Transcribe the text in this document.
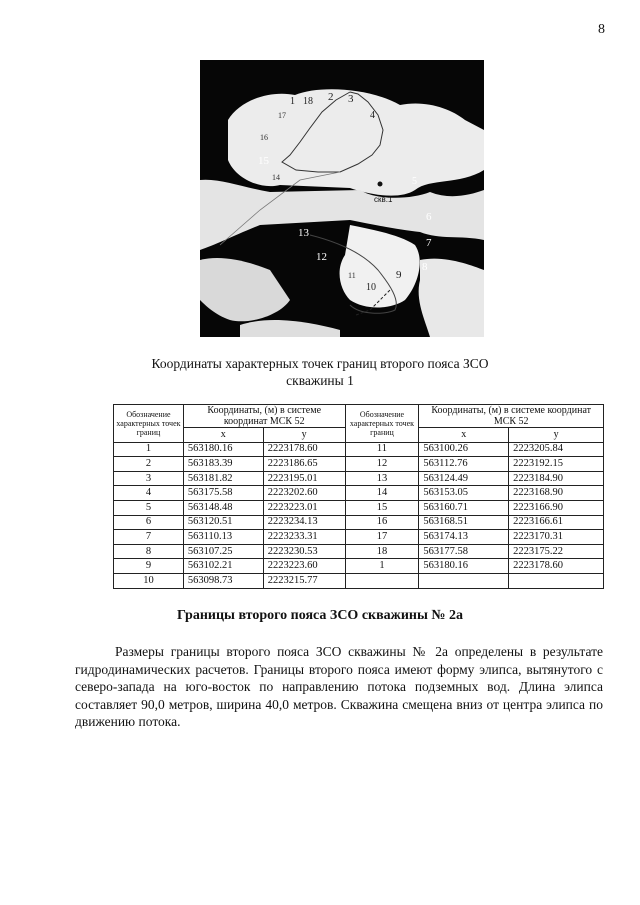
8
18
1	2 3
4
17
16
15
14	5
скв.1
6
7
13
12
8
11	9
10
Координаты характерных точек границ второго пояса ЗСО
скважины 1
Обозначение характерных точек границ	Координаты, (м) в системе координат МСК 52		Обозначение характерных точек границ	Координаты, (м) в системе координат МСК 52	
	х	у		х	у
1	563180.16	2223178.60	11	563100.26	2223205.84
2	563183.39	2223186.65	12	563112.76	2223192.15
3	563181.82	2223195.01	13	563124.49	2223184.90
4	563175.58	2223202.60	14	563153.05	2223168.90
5	563148.48	2223223.01	15	563160.71	2223166.90
6	563120.51	2223234.13	16	563168.51	2223166.61
7	563110.13	2223233.31	17	563174.13	2223170.31
8	563107.25	2223230.53	18	563177.58	2223175.22
9	563102.21	2223223.60	1	563180.16	2223178.60
10	563098.73	2223215.77			
Границы второго пояса ЗСО скважины № 2а

Размеры границы второго пояса ЗСО скважины № 2а определены в результате гидродинамических расчетов. Границы второго пояса имеют форму элипса, вытянутого с северо-запада на юго-восток по направлению потока подземных вод. Длина элипса составляет 90,0 метров, ширина 40,0 метров. Скважина смещена вниз от центра элипса по движению потока.
